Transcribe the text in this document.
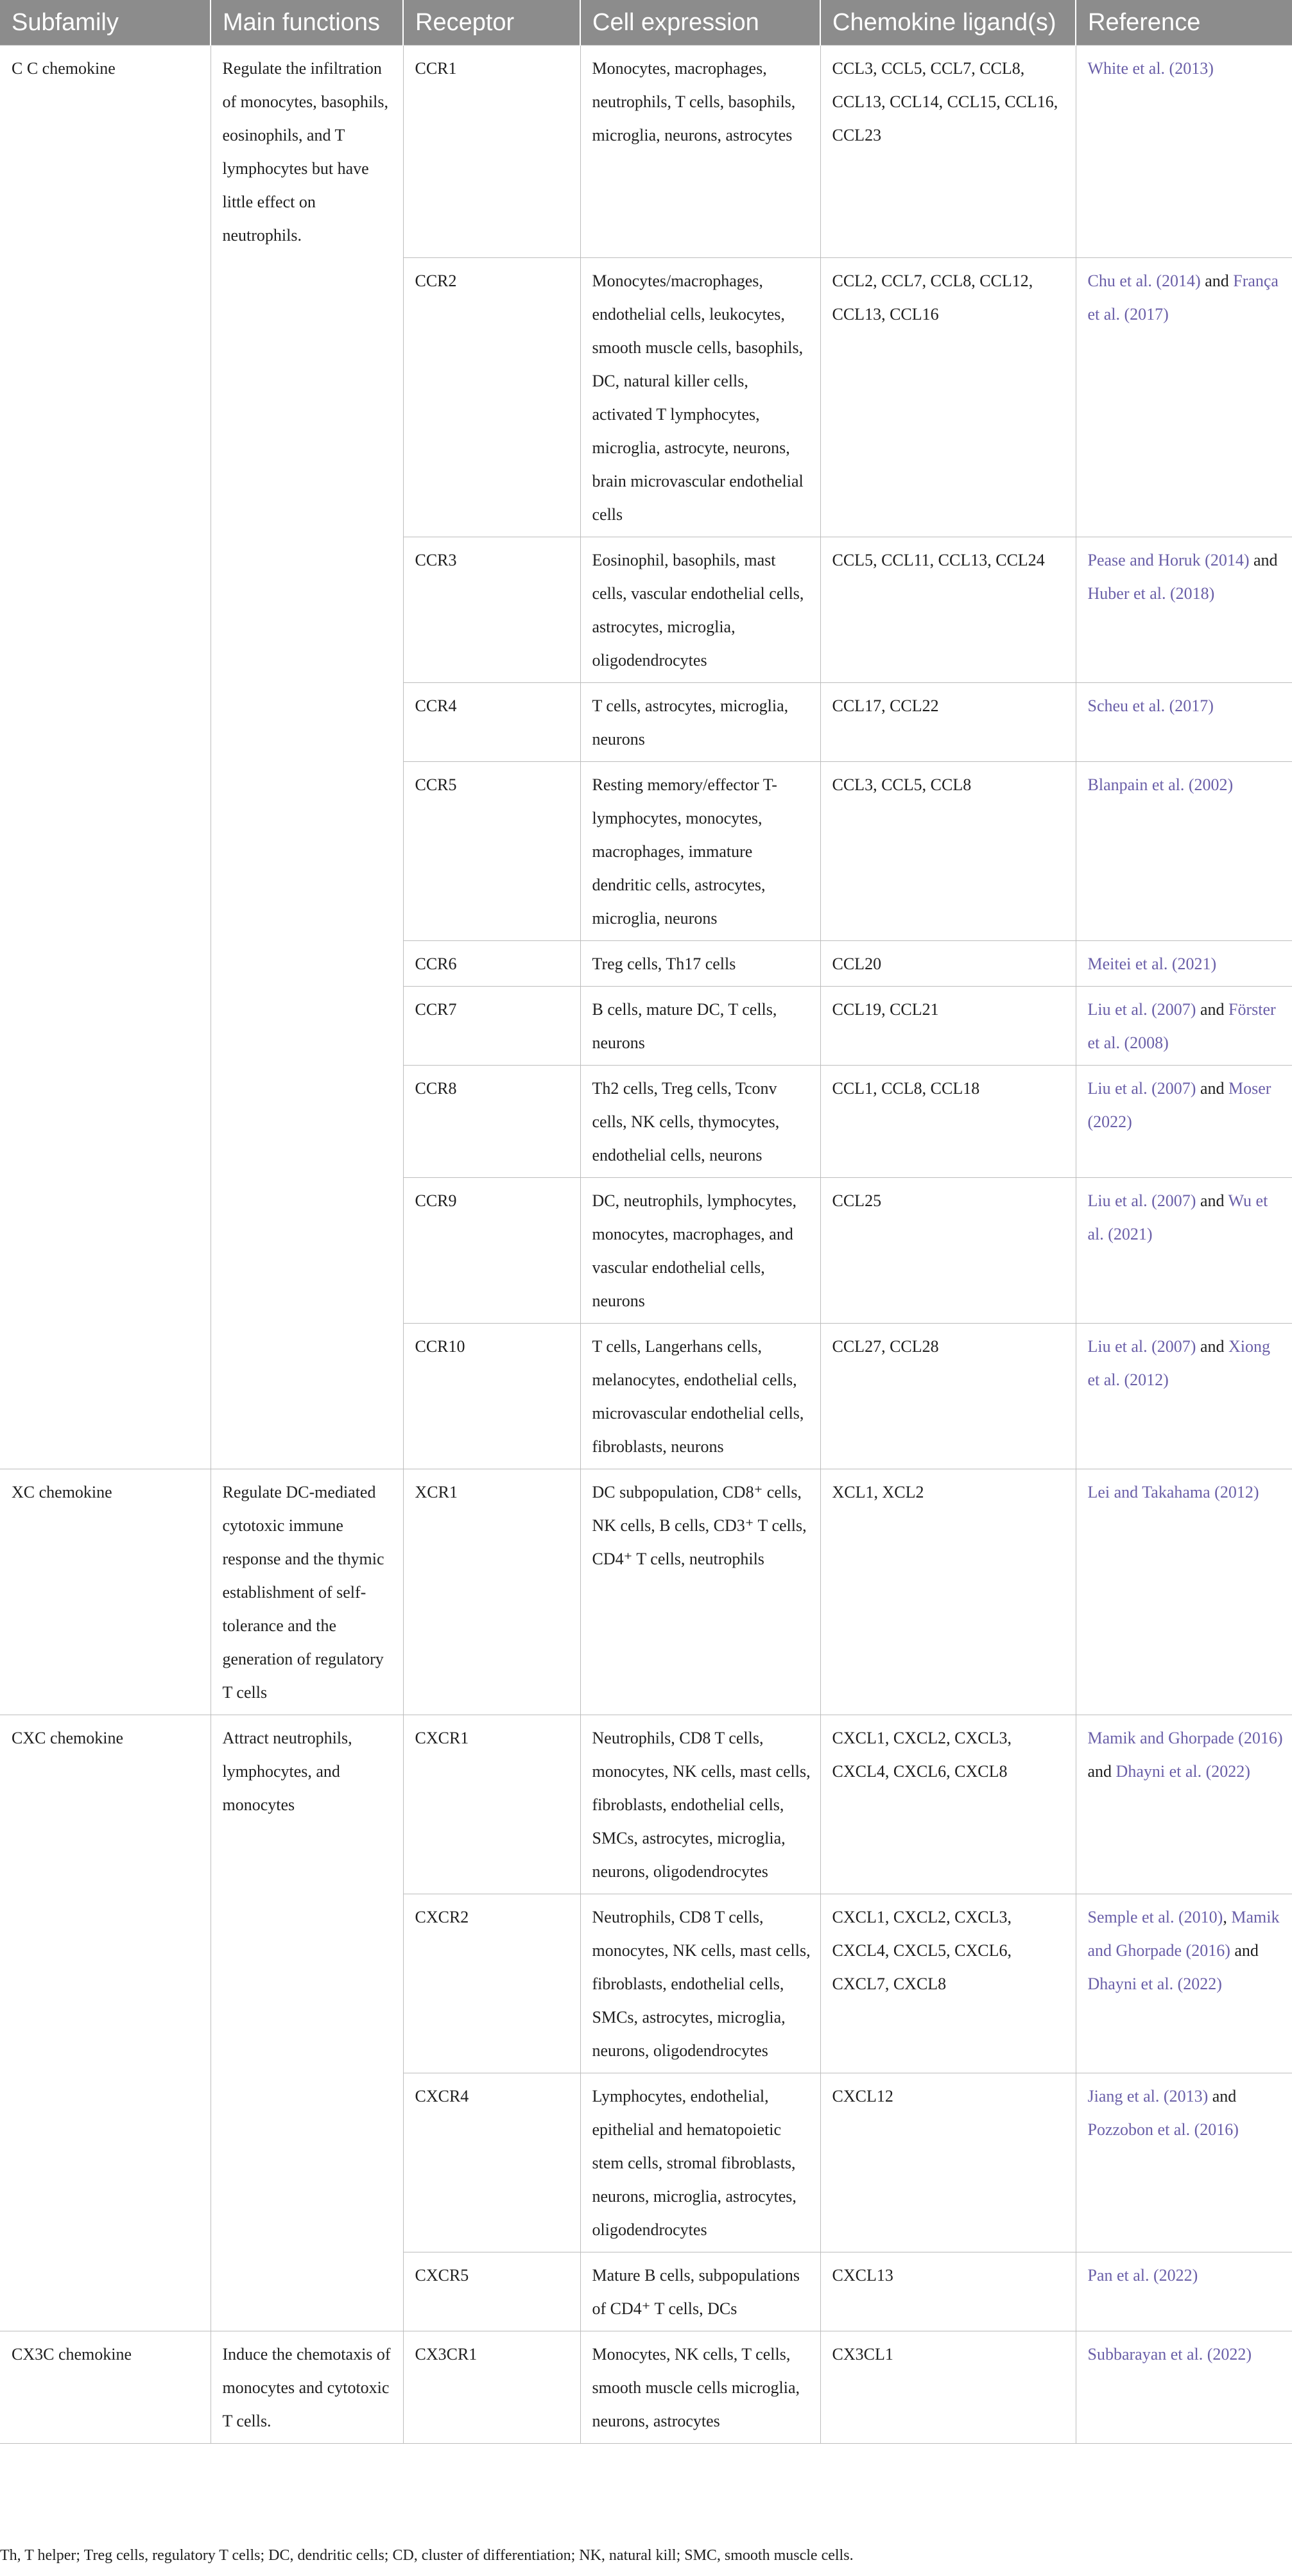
Subfamily	Main functions	Receptor	Cell expression	Chemokine ligand(s)	Reference
C C chemokine	Regulate the infiltration of monocytes, basophils, eosinophils, and T lymphocytes but have little effect on neutrophils.	CCR1	Monocytes, macrophages, neutrophils, T cells, basophils, microglia, neurons, astrocytes	CCL3, CCL5, CCL7, CCL8, CCL13, CCL14, CCL15, CCL16, CCL23	White et al. (2013)
		CCR2	Monocytes/macrophages, endothelial cells, leukocytes, smooth muscle cells, basophils, DC, natural killer cells, activated T lymphocytes, microglia, astrocyte, neurons, brain microvascular endothelial cells	CCL2, CCL7, CCL8, CCL12, CCL13, CCL16	Chu et al. (2014) and França et al. (2017)
		CCR3	Eosinophil, basophils, mast cells, vascular endothelial cells, astrocytes, microglia, oligodendrocytes	CCL5, CCL11, CCL13, CCL24	Pease and Horuk (2014) and Huber et al. (2018)
		CCR4	T cells, astrocytes, microglia, neurons	CCL17, CCL22	Scheu et al. (2017)
		CCR5	Resting memory/effector T-lymphocytes, monocytes, macrophages, immature dendritic cells, astrocytes, microglia, neurons	CCL3, CCL5, CCL8	Blanpain et al. (2002)
		CCR6	Treg cells, Th17 cells	CCL20	Meitei et al. (2021)
		CCR7	B cells, mature DC, T cells, neurons	CCL19, CCL21	Liu et al. (2007) and Förster et al. (2008)
		CCR8	Th2 cells, Treg cells, Tconv cells, NK cells, thymocytes, endothelial cells, neurons	CCL1, CCL8, CCL18	Liu et al. (2007) and Moser (2022)
		CCR9	DC, neutrophils, lymphocytes, monocytes, macrophages, and vascular endothelial cells, neurons	CCL25	Liu et al. (2007) and Wu et al. (2021)
		CCR10	T cells, Langerhans cells, melanocytes, endothelial cells, microvascular endothelial cells, fibroblasts, neurons	CCL27, CCL28	Liu et al. (2007) and Xiong et al. (2012)
XC chemokine	Regulate DC-mediated cytotoxic immune response and the thymic establishment of self-tolerance and the generation of regulatory T cells	XCR1	DC subpopulation, CD8⁺ cells, NK cells, B cells, CD3⁺ T cells, CD4⁺ T cells, neutrophils	XCL1, XCL2	Lei and Takahama (2012)
CXC chemokine	Attract neutrophils, lymphocytes, and monocytes	CXCR1	Neutrophils, CD8 T cells, monocytes, NK cells, mast cells, fibroblasts, endothelial cells, SMCs, astrocytes, microglia, neurons, oligodendrocytes	CXCL1, CXCL2, CXCL3, CXCL4, CXCL6, CXCL8	Mamik and Ghorpade (2016) and Dhayni et al. (2022)
		CXCR2	Neutrophils, CD8 T cells, monocytes, NK cells, mast cells, fibroblasts, endothelial cells, SMCs, astrocytes, microglia, neurons, oligodendrocytes	CXCL1, CXCL2, CXCL3, CXCL4, CXCL5, CXCL6, CXCL7, CXCL8	Semple et al. (2010), Mamik and Ghorpade (2016) and Dhayni et al. (2022)
		CXCR4	Lymphocytes, endothelial, epithelial and hematopoietic stem cells, stromal fibroblasts, neurons, microglia, astrocytes, oligodendrocytes	CXCL12	Jiang et al. (2013) and Pozzobon et al. (2016)
		CXCR5	Mature B cells, subpopulations of CD4⁺ T cells, DCs	CXCL13	Pan et al. (2022)
CX3C chemokine	Induce the chemotaxis of monocytes and cytotoxic T cells.	CX3CR1	Monocytes, NK cells, T cells, smooth muscle cells microglia, neurons, astrocytes	CX3CL1	Subbarayan et al. (2022)
Th, T helper; Treg cells, regulatory T cells; DC, dendritic cells; CD, cluster of differentiation; NK, natural kill; SMC, smooth muscle cells.
